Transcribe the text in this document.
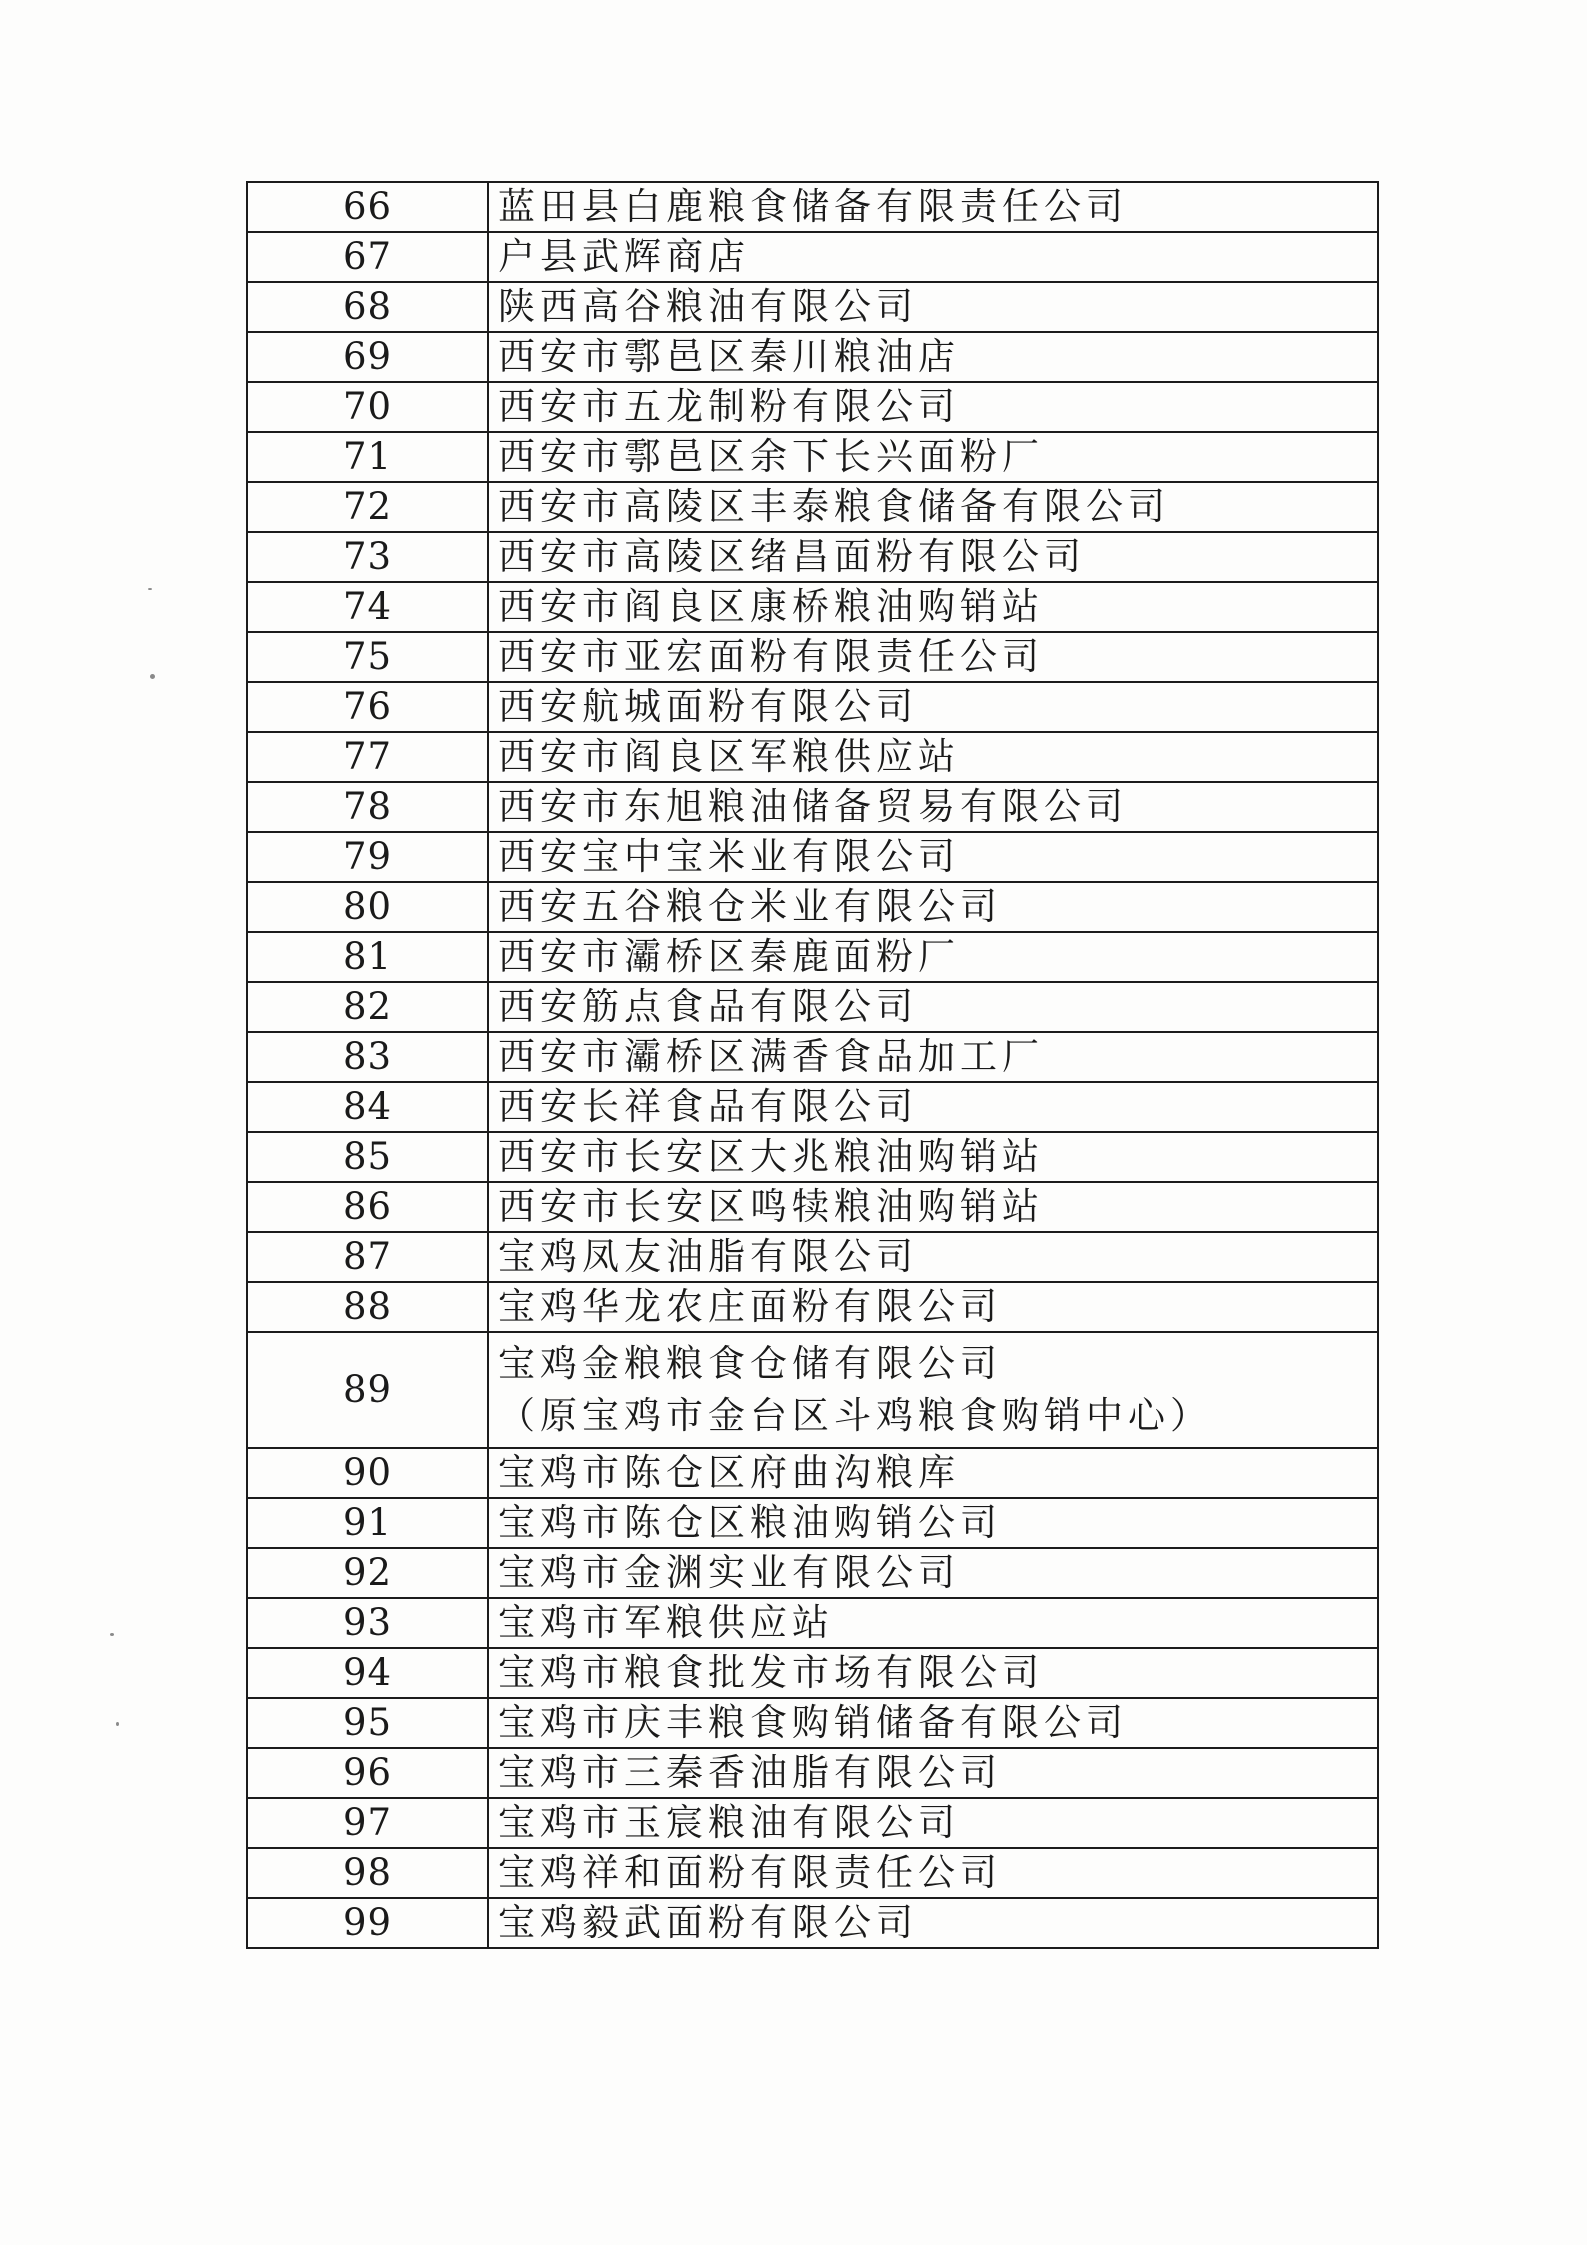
66	蓝田县白鹿粮食储备有限责任公司
67	户县武辉商店
68	陕西高谷粮油有限公司
69	西安市鄠邑区秦川粮油店
70	西安市五龙制粉有限公司
71	西安市鄠邑区余下长兴面粉厂
72	西安市高陵区丰泰粮食储备有限公司
73	西安市高陵区绪昌面粉有限公司
74	西安市阎良区康桥粮油购销站
75	西安市亚宏面粉有限责任公司
76	西安航城面粉有限公司
77	西安市阎良区军粮供应站
78	西安市东旭粮油储备贸易有限公司
79	西安宝中宝米业有限公司
80	西安五谷粮仓米业有限公司
81	西安市灞桥区秦鹿面粉厂
82	西安筋点食品有限公司
83	西安市灞桥区满香食品加工厂
84	西安长祥食品有限公司
85	西安市长安区大兆粮油购销站
86	西安市长安区鸣犊粮油购销站
87	宝鸡凤友油脂有限公司
88	宝鸡华龙农庄面粉有限公司
89	宝鸡金粮粮食仓储有限公司
（原宝鸡市金台区斗鸡粮食购销中心）

90	宝鸡市陈仓区府曲沟粮库
91	宝鸡市陈仓区粮油购销公司
92	宝鸡市金渊实业有限公司
93	宝鸡市军粮供应站
94	宝鸡市粮食批发市场有限公司
95	宝鸡市庆丰粮食购销储备有限公司
96	宝鸡市三秦香油脂有限公司
97	宝鸡市玉宸粮油有限公司
98	宝鸡祥和面粉有限责任公司
99	宝鸡毅武面粉有限公司
